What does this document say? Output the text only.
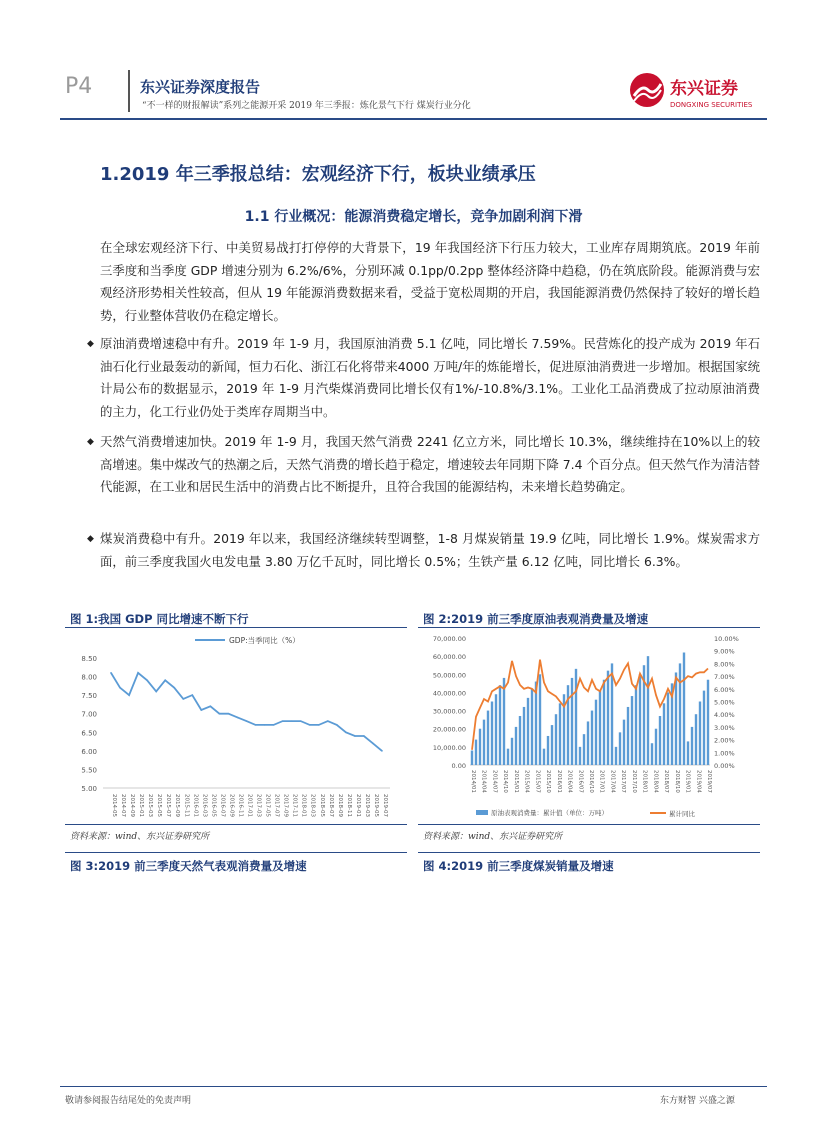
P4	东兴证券深度报告
“不一样的财报解读”系列之能源开采 2019 年三季报：炼化景气下行 煤炭行业分化
东兴证券
DONGXING SECURITIES
1.2019 年三季报总结：宏观经济下行，板块业绩承压
1.1 行业概况：能源消费稳定增长，竞争加剧利润下滑
在全球宏观经济下行、中美贸易战打打停停的大背景下，19 年我国经济下行压力较大，工业库存周期筑底。2019 年前三季度和当季度 GDP 增速分别为 6.2%/6%，分别环减 0.1pp/0.2pp 整体经济降中趋稳，仍在筑底阶段。能源消费与宏观经济形势相关性较高，但从 19 年能源消费数据来看，受益于宽松周期的开启，我国能源消费仍然保持了较好的增长趋势，行业整体营收仍在稳定增长。
◆ 原油消费增速稳中有升。2019 年 1-9 月，我国原油消费 5.1 亿吨，同比增长 7.59%。民营炼化的投产成为 2019 年石油石化行业最轰动的新闻，恒力石化、浙江石化将带来4000 万吨/年的炼能增长，促进原油消费进一步增加。根据国家统计局公布的数据显示，2019 年 1-9 月汽柴煤消费同比增长仅有1%/-10.8%/3.1%。工业化工品消费成了拉动原油消费的主力，化工行业仍处于类库存周期当中。
◆ 天然气消费增速加快。2019 年 1-9 月，我国天然气消费 2241 亿立方米，同比增长 10.3%，继续维持在10%以上的较高增速。集中煤改气的热潮之后，天然气消费的增长趋于稳定，增速较去年同期下降 7.4 个百分点。但天然气作为清洁替代能源，在工业和居民生活中的消费占比不断提升，且符合我国的能源结构，未来增长趋势确定。
◆ 煤炭消费稳中有升。2019 年以来，我国经济继续转型调整，1-8 月煤炭销量 19.9 亿吨，同比增长 1.9%。煤炭需求方面，前三季度我国火电发电量 3.80 万亿千瓦时，同比增长 0.5%；生铁产量 6.12 亿吨，同比增长 6.3%。
图 1:我国 GDP 同比增速不断下行
8.50
8.00
7.50
7.00
6.50
6.00
5.50
5.00
2014-05 2014-07 2014-09 2015-01 2015-03 2015-05 2015-07 2015-09 2015-11 2016-01 2016-03 2016-05 2016-07 2016-09 2016-11 2017-01 2017-03 2017-05 2017-07 2017-09 2017-11 2018-01 2018-03 2018-05 2018-07 2018-09 2018-11 2019-01 2019-03 2019-05 2019-07
GDP:当季同比（%）
资料来源：wind、东兴证券研究所
图 2:2019 前三季度原油表观消费量及增速
70,000.00
60,000.00
50,000.00
40,000.00
30,000.00
20,000.00
10,000.00
0.00
10.00%
9.00%
8.00%
7.00%
6.00%
5.00%
4.00%
3.00%
2.00%
1.00%
0.00%
2014/01 2014/04 2014/07 2014/10 2015/01 2015/04 2015/07 2015/10 2016/01 2016/04 2016/07 2016/10 2017/01 2017/04 2017/07 2017/10 2018/01 2018/04 2018/07 2018/10 2019/01 2019/04 2019/07
原油表观消费量：累计值（单位：万吨）	累计同比
资料来源：wind、东兴证券研究所
图 3:2019 前三季度天然气表观消费量及增速	图 4:2019 前三季度煤炭销量及增速
敬请参阅报告结尾处的免责声明	东方财智 兴盛之源
